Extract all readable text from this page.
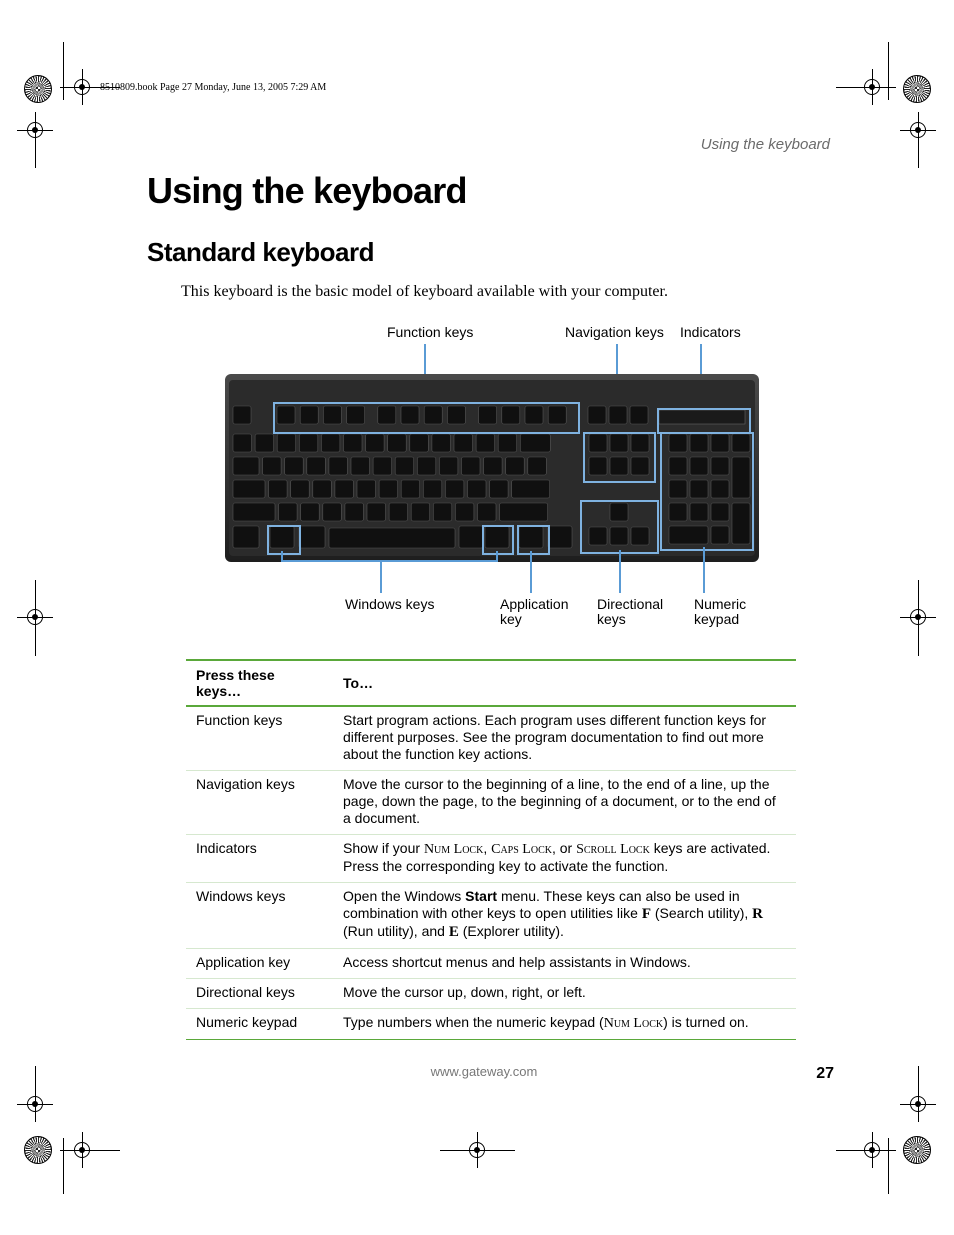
8510809.book Page 27 Monday, June 13, 2005 7:29 AM
Using the keyboard
Using the keyboard
Standard keyboard
This keyboard is the basic model of keyboard available with your computer.
Function keys	Navigation keys Indicators
Windows keys	Application
key
Directional
keys
Numeric
keypad
Press these keys…	To…
Function keys	Start program actions. Each program uses different function keys for different purposes. See the program documentation to find out more about the function key actions.
Navigation keys	Move the cursor to the beginning of a line, to the end of a line, up the page, down the page, to the beginning of a document, or to the end of a document.
Indicators	Show if your Num Lock, Caps Lock, or Scroll Lock keys are activated. Press the corresponding key to activate the function.
Windows keys	Open the Windows Start menu. These keys can also be used in combination with other keys to open utilities like F (Search utility), R (Run utility), and E (Explorer utility).
Application key	Access shortcut menus and help assistants in Windows.
Directional keys	Move the cursor up, down, right, or left.
Numeric keypad	Type numbers when the numeric keypad (Num Lock) is turned on.
www.gateway.com	27
